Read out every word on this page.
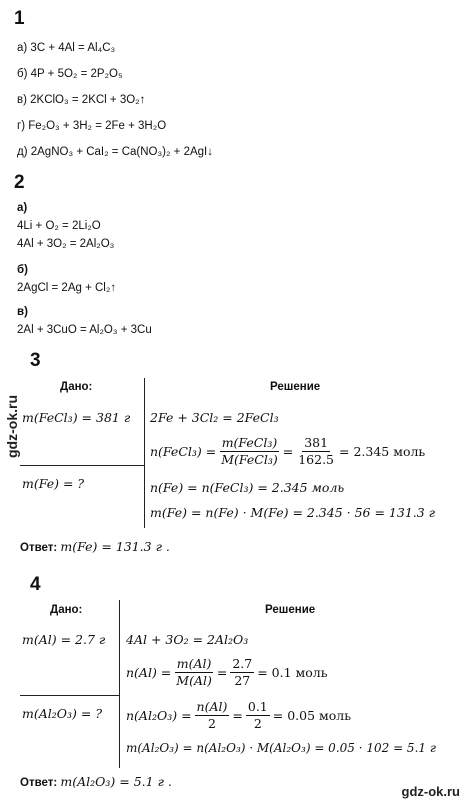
1
а) 3C + 4Al = Al₄C₃
б) 4P + 5O₂ = 2P₂O₅
в) 2KClO₃ = 2KCl + 3O₂↑
г) Fe₂O₃ + 3H₂ = 2Fe + 3H₂O
д) 2AgNO₃ + CaI₂ = Ca(NO₃)₂ + 2AgI↓
2
а)
4Li + O₂ = 2Li₂O
4Al + 3O₂ = 2Al₂O₃
б)
2AgCl = 2Ag + Cl₂↑
в)
2Al + 3CuO = Al₂O₃ + 3Cu
gdz-ok.ru
3
Дано:	Решение
m(FeCl₃) = 381 г
m(Fe) = ?
2Fe + 3Cl₂ = 2FeCl₃
n(FeCl₃) = $\frac{\text{m(FeCl₃)}}{\text{M(FeCl₃)}} = \frac{381}{162.5} = 2.345$ моль
n(Fe) = n(FeCl₃) = 2.345 моль
m(Fe) = n(Fe) · M(Fe) = 2.345 · 56 = 131.3 г
Ответ: m(Fe) = 131.3 г .
4
Дано:	Решение
m(Al) = 2.7 г
m(Al₂O₃) = ?
4Al + 3O₂ = 2Al₂O₃
$n(Al) = \frac{m(Al)}{M(Al)} = \frac{2.7}{27} = 0.1$ моль
$n(Al_2O_3) = \frac{n(Al)}{2} = \frac{0.1}{2} = 0.05$ моль
m(Al₂O₃) = n(Al₂O₃) · M(Al₂O₃) = 0.05 · 102 = 5.1 г
Ответ: m(Al₂O₃) = 5.1 г .
gdz-ok.ru
